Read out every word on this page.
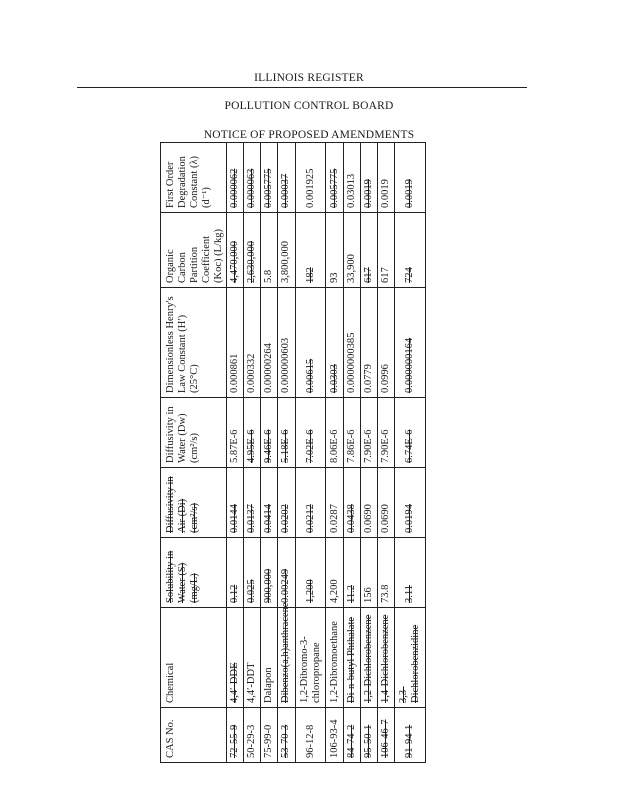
ILLINOIS REGISTER
POLLUTION CONTROL BOARD
NOTICE OF PROPOSED AMENDMENTS
CAS No.	Chemical	Solubility in Water (S) (mg/L)	Diffusivity in Air (Di) (cm²/s)	Diffusivity in Water (Dw) (cm²/s)	Dimensionless Henry's Law Constant (H′) (25°C)	Organic Carbon Partition Coefficient (Koc) (L/kg)	First Order Degradation Constant (λ) (d⁻¹)
72-55-9	4,4′-DDE	0.12	0.0144	5.87E-6	0.000861	4,470,000	0.000062
50-29-3	4,4′-DDT	0.025	0.0137	4.95E-6	0.000332	2,630,000	0.000063
75-99-0	Dalapon	900,000	0.0414	9.46E-6	0.00000264	5.8	0.005775
53-70-3	Dibenzo(a,h)anthracene	0.00249	0.0202	5.18E-6	0.000000603	3,800,000	0.00037
96-12-8	1,2-Dibromo-3-chloropropane	1,200	0.0212	7.02E-6	0.00615	182	0.001925
106-93-4	1,2-Dibromoethane	4,200	0.0287	8.06E-6	0.0303	93	0.005775
84-74-2	Di-n-butyl Phthalate	11.2	0.0438	7.86E-6	0.0000000385	33,900	0.03013
95-50-1	1,2-Dichlorobenzene	156	0.0690	7.90E-6	0.0779	617	0.0019
106-46-7	1,4-Dichlorobenzene	73.8	0.0690	7.90E-6	0.0996	617	0.0019
91-94-1	3,3-Dichlorobenzidine	3.11	0.0194	6.74E-6	0.000000164	724	0.0019
